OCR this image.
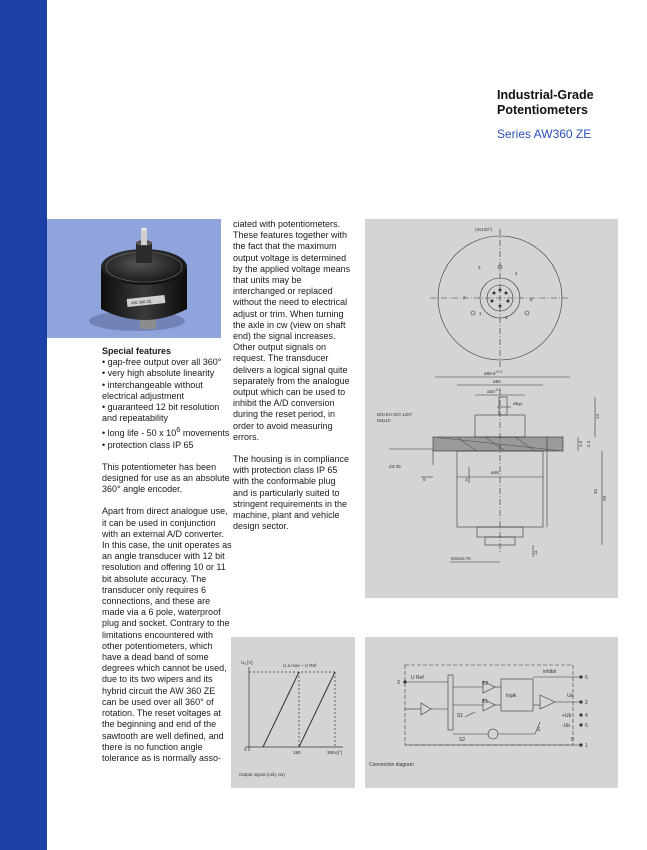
Industrial-Grade
Potentiometers
Series AW360 ZE
AW 360 ZE
Special features
• gap-free output over all 360°
• very high absolute linearity
• interchangeable without electrical adjustment
• guaranteed 12 bit resolution and repeatability
• long life - 50 x $10^6$ movements
• protection class IP 65

This potentiometer has been designed for use as an absolute 360° angle encoder.

Apart from direct analogue use, it can be used in conjunction with an external A/D converter. In this case, the unit operates as an angle transducer with 12 bit resolution and offering 10 or 11 bit absolute accuracy. The transducer only requires 6 connections, and these are made via a 6 pole, waterproof plug and socket. Contrary to the limitations encountered with other potentiometers, which have a dead band of some degrees which cannot be used, due to its two wipers and its hybrid circuit the AW 360 ZE can be used over all 360° of rotation. The reset voltages at the beginning and end of the sawtooth are well defined, and there is no function angle tolerance as is normally asso-

ciated with potentiometers. These features together with the fact that the maximum output voltage is determined by the applied voltage means that units may be interchanged or replaced without the need to electrical adjust or trim. When turning the axle in cw (view on shaft end) the signal increases. Other output signals on request. The transducer delivers a logical signal quite separately from the analogue output which can be used to inhibit the A/D conversion during the reset period, in order to avoid measuring errors.

The housing is in compliance with protection class IP 65 with the conformable plug and is particularly suited to stringent requirements in the machine, plant and vehicle design sector.

3
2
1
6
4
5
$ø66.6^{+0.2}$
ø50
$ø20^{-0.2}$
ø6g6
ø48
(3x120°)
DIN EA ISO 1207
M4x10
Z3-35
M16x0.75
6	3
45
20
14
1.5 2.4
11
Uₐ [V]
U a max ~ U Ref
α[°]
0
180	360
Output signal (only cw)
3
U Ref
inhibit
6
Ua
2
+Ub	4
-Ub	5
0
1
logik
K2
K1
S1
S2
S
Connection diagram
